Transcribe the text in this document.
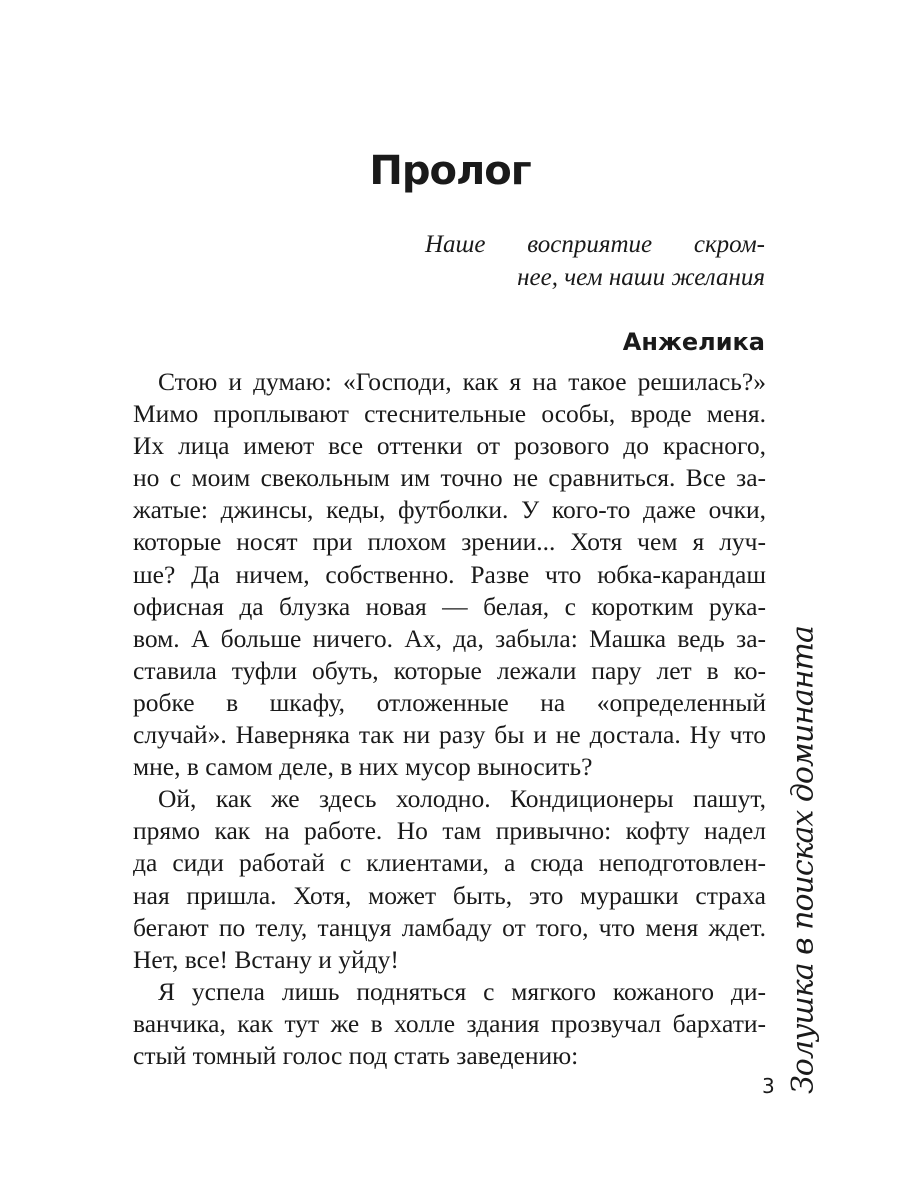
Пролог
Наше восприятие скром-
нее, чем наши желания
Анжелика
Стою и думаю: «Господи, как я на такое решилась?»
Мимо проплывают стеснительные особы, вроде меня.
Их лица имеют все оттенки от розового до красного,
но с моим свекольным им точно не сравниться. Все за-
жатые: джинсы, кеды, футболки. У кого-то даже очки,
которые носят при плохом зрении... Хотя чем я луч-
ше? Да ничем, собственно. Разве что юбка-карандаш
офисная да блузка новая — белая, с коротким рука-
вом. А больше ничего. Ах, да, забыла: Машка ведь за-
ставила туфли обуть, которые лежали пару лет в ко-
робке в шкафу, отложенные на «определенный
случай». Наверняка так ни разу бы и не достала. Ну что
мне, в самом деле, в них мусор выносить?
Ой, как же здесь холодно. Кондиционеры пашут,
прямо как на работе. Но там привычно: кофту надел
да сиди работай с клиентами, а сюда неподготовлен-
ная пришла. Хотя, может быть, это мурашки страха
бегают по телу, танцуя ламбаду от того, что меня ждет.
Нет, все! Встану и уйду!
Я успела лишь подняться с мягкого кожаного ди-
ванчика, как тут же в холле здания прозвучал бархати-
стый томный голос под стать заведению:	Золушка в поисках доминанта
3
